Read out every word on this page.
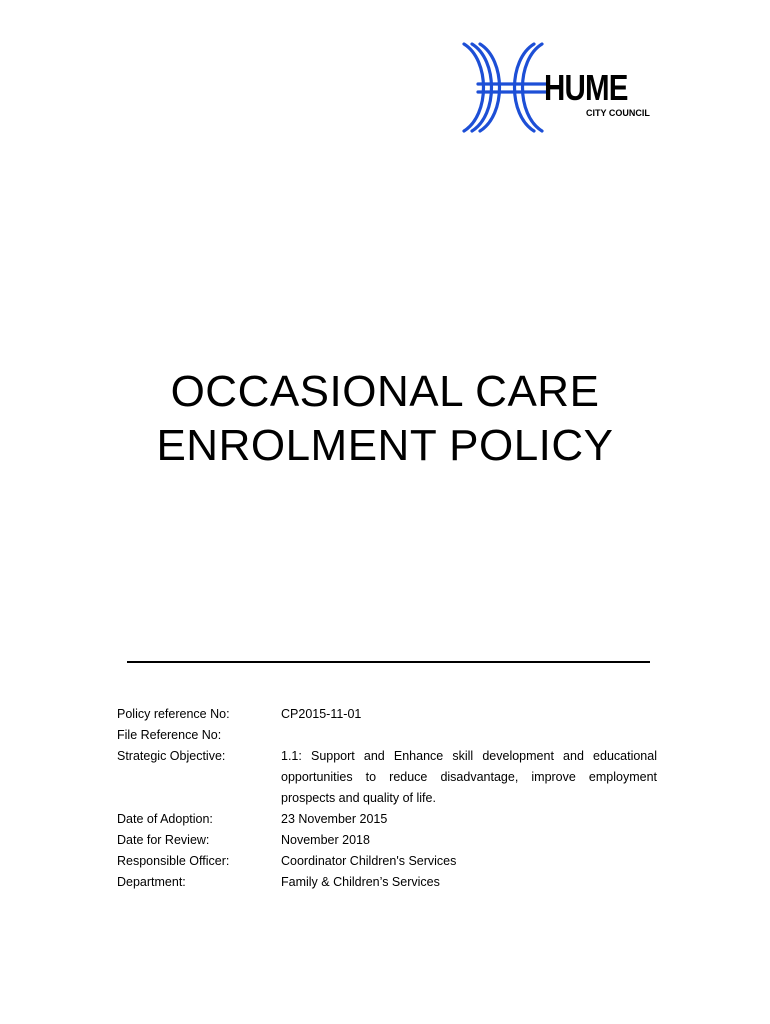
HUME
CITY COUNCIL
OCCASIONAL CARE
ENROLMENT POLICY
Policy reference No:	CP2015-11-01
File Reference No:
Strategic Objective:	1.1: Support and Enhance skill development and educational opportunities to reduce disadvantage, improve employment prospects and quality of life.
Date of Adoption:	23 November 2015
Date for Review:	November 2018
Responsible Officer:	Coordinator Children's Services
Department:	Family & Children’s Services
